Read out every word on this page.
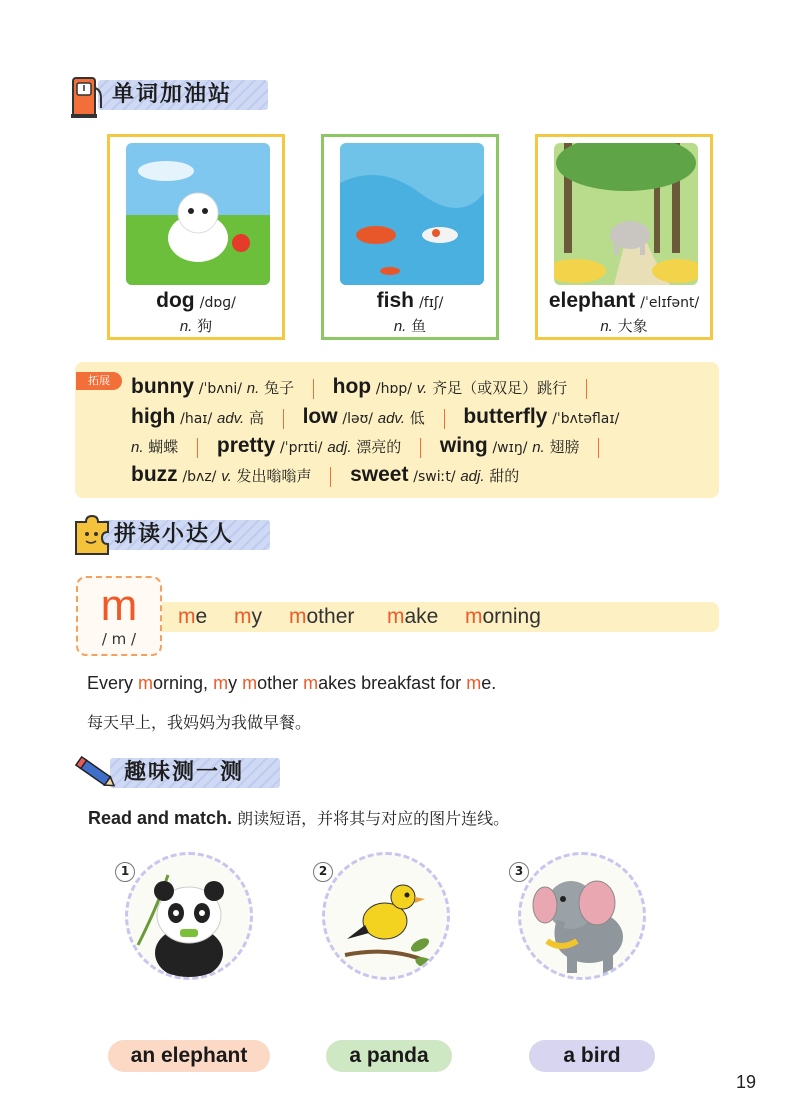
单词加油站
dog /dɒɡ/
n. 狗
fish /fɪʃ/
n. 鱼
elephant /ˈelɪfənt/
n. 大象
拓展	bunny /ˈbʌni/ n. 兔子 hop /hɒp/ v. 齐足（或双足）跳行
high /haɪ/ adv. 高 low /ləʊ/ adv. 低 butterfly /ˈbʌtəflaɪ/
n. 蝴蝶 pretty /ˈprɪti/ adj. 漂亮的 wing /wɪŋ/ n. 翅膀
buzz /bʌz/ v. 发出嗡嗡声 sweet /swiːt/ adj. 甜的
拼读小达人
m
/ m /
me my mother make morning
Every morning, my mother makes breakfast for me.
每天早上，我妈妈为我做早餐。
趣味测一测
Read and match. 朗读短语，并将其与对应的图片连线。
1	2	3
an elephant	a panda	a bird
19
